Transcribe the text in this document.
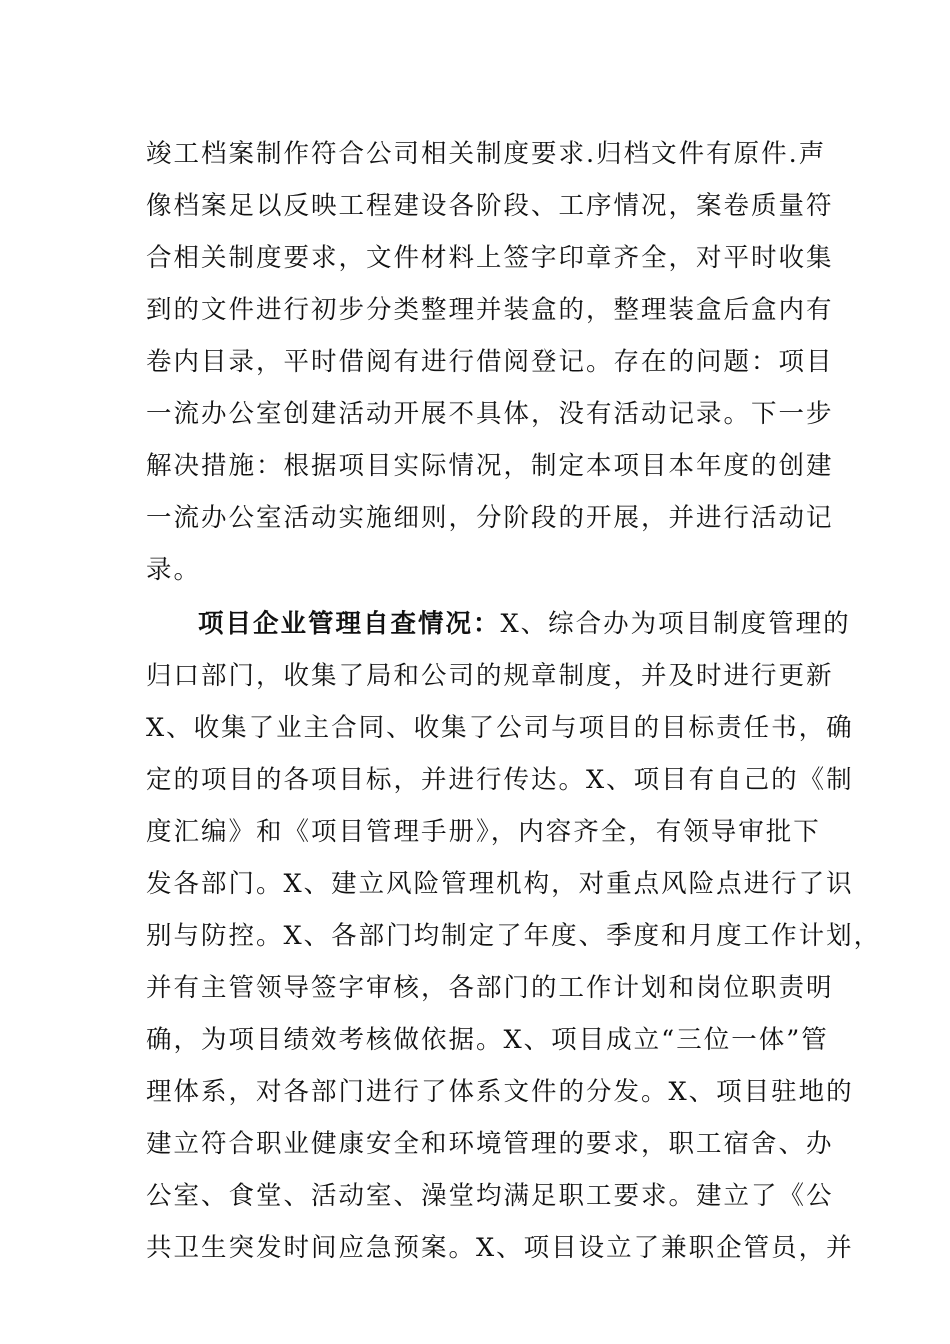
竣工档案制作符合公司相关制度要求.归档文件有原件.声
像档案足以反映工程建设各阶段、工序情况，案卷质量符
合相关制度要求，文件材料上签字印章齐全，对平时收集
到的文件进行初步分类整理并装盒的，整理装盒后盒内有
卷内目录，平时借阅有进行借阅登记。存在的问题：项目
一流办公室创建活动开展不具体，没有活动记录。下一步
解决措施：根据项目实际情况，制定本项目本年度的创建
一流办公室活动实施细则，分阶段的开展，并进行活动记
录。
项目企业管理自查情况：X、综合办为项目制度管理的
归口部门，收集了局和公司的规章制度，并及时进行更新
X、收集了业主合同、收集了公司与项目的目标责任书，确
定的项目的各项目标，并进行传达。X、项目有自己的《制
度汇编》和《项目管理手册》，内容齐全，有领导审批下
发各部门。X、建立风险管理机构，对重点风险点进行了识
别与防控。X、各部门均制定了年度、季度和月度工作计划，
并有主管领导签字审核，各部门的工作计划和岗位职责明
确，为项目绩效考核做依据。X、项目成立“三位一体”管
理体系，对各部门进行了体系文件的分发。X、项目驻地的
建立符合职业健康安全和环境管理的要求，职工宿舍、办
公室、食堂、活动室、澡堂均满足职工要求。建立了《公
共卫生突发时间应急预案。X、项目设立了兼职企管员，并
